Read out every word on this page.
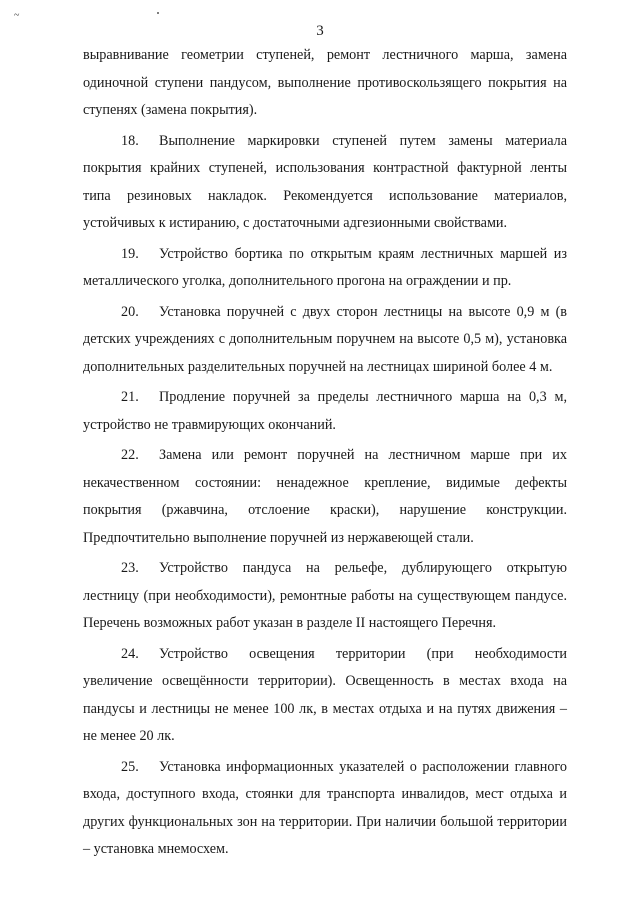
~
3

выравнивание геометрии ступеней, ремонт лестничного марша, замена одиночной ступени пандусом, выполнение противоскользящего покрытия на ступенях (замена покрытия).

18. Выполнение маркировки ступеней путем замены материала покрытия крайних ступеней, использования контрастной фактурной ленты типа резиновых накладок. Рекомендуется использование материалов, устойчивых к истиранию, с достаточными адгезионными свойствами.

19. Устройство бортика по открытым краям лестничных маршей из металлического уголка, дополнительного прогона на ограждении и пр.

20. Установка поручней с двух сторон лестницы на высоте 0,9 м (в детских учреждениях с дополнительным поручнем на высоте 0,5 м), установка дополнительных разделительных поручней на лестницах шириной более 4 м.

21. Продление поручней за пределы лестничного марша на 0,3 м, устройство не травмирующих окончаний.

22. Замена или ремонт поручней на лестничном марше при их некачественном состоянии: ненадежное крепление, видимые дефекты покрытия (ржавчина, отслоение краски), нарушение конструкции. Предпочтительно выполнение поручней из нержавеющей стали.

23. Устройство пандуса на рельефе, дублирующего открытую лестницу (при необходимости), ремонтные работы на существующем пандусе. Перечень возможных работ указан в разделе II настоящего Перечня.

24. Устройство освещения территории (при необходимости увеличение освещённости территории). Освещенность в местах входа на пандусы и лестницы не менее 100 лк, в местах отдыха и на путях движения – не менее 20 лк.

25. Установка информационных указателей о расположении главного входа, доступного входа, стоянки для транспорта инвалидов, мест отдыха и других функциональных зон на территории. При наличии большой территории – установка мнемосхем.
